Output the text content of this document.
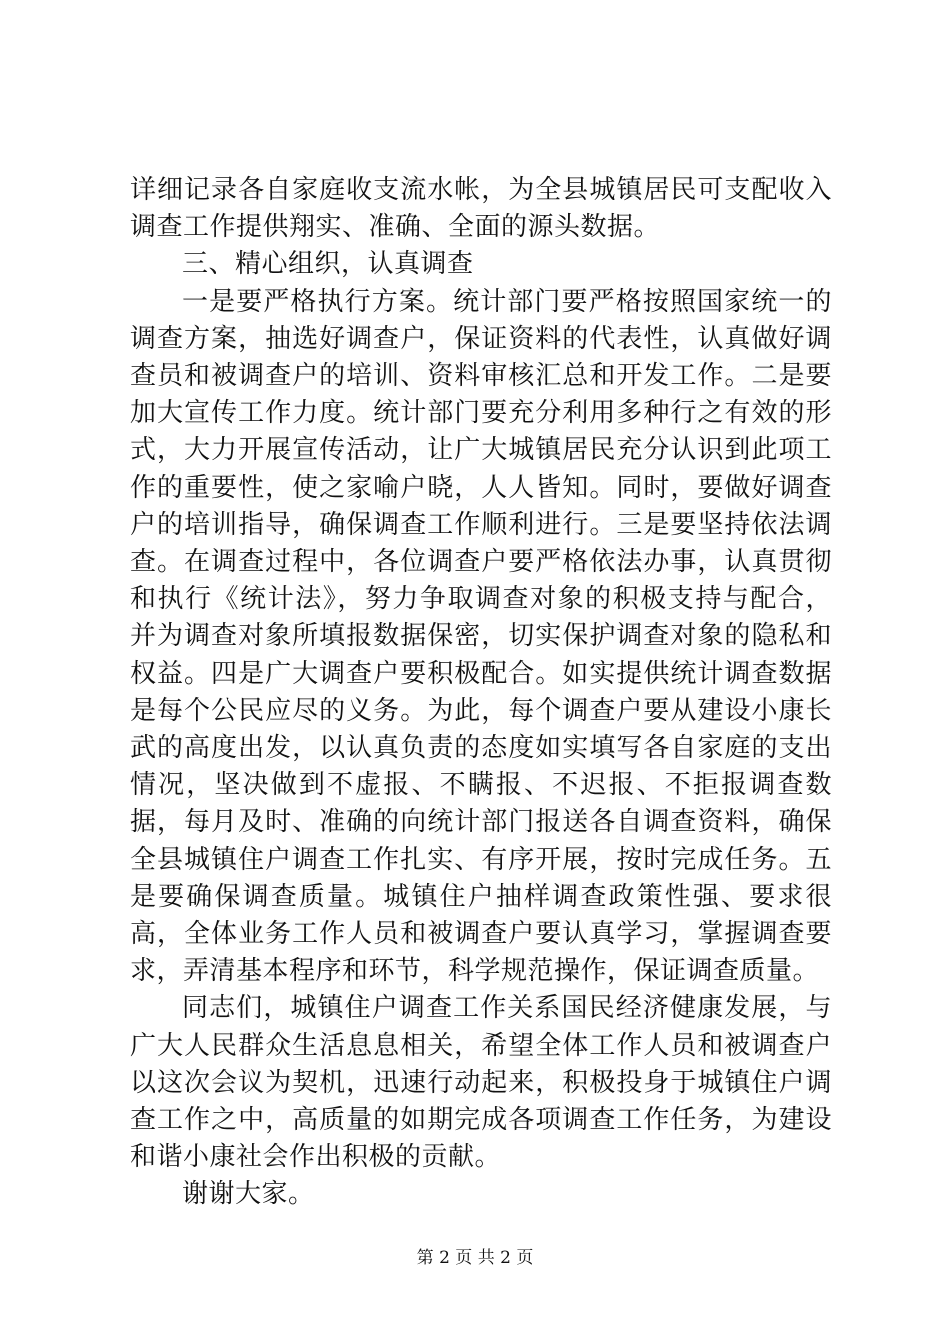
详细记录各自家庭收支流水帐，为全县城镇居民可支配收入调查工作提供翔实、准确、全面的源头数据。

三、精心组织，认真调查

一是要严格执行方案。统计部门要严格按照国家统一的调查方案，抽选好调查户，保证资料的代表性，认真做好调查员和被调查户的培训、资料审核汇总和开发工作。二是要加大宣传工作力度。统计部门要充分利用多种行之有效的形式，大力开展宣传活动，让广大城镇居民充分认识到此项工作的重要性，使之家喻户晓，人人皆知。同时，要做好调查户的培训指导，确保调查工作顺利进行。三是要坚持依法调查。在调查过程中，各位调查户要严格依法办事，认真贯彻和执行《统计法》，努力争取调查对象的积极支持与配合，并为调查对象所填报数据保密，切实保护调查对象的隐私和权益。四是广大调查户要积极配合。如实提供统计调查数据是每个公民应尽的义务。为此，每个调查户要从建设小康长武的高度出发，以认真负责的态度如实填写各自家庭的支出情况，坚决做到不虚报、不瞒报、不迟报、不拒报调查数据，每月及时、准确的向统计部门报送各自调查资料，确保全县城镇住户调查工作扎实、有序开展，按时完成任务。五是要确保调查质量。城镇住户抽样调查政策性强、要求很高，全体业务工作人员和被调查户要认真学习，掌握调查要求，弄清基本程序和环节，科学规范操作，保证调查质量。

同志们，城镇住户调查工作关系国民经济健康发展，与广大人民群众生活息息相关，希望全体工作人员和被调查户以这次会议为契机，迅速行动起来，积极投身于城镇住户调查工作之中，高质量的如期完成各项调查工作任务，为建设和谐小康社会作出积极的贡献。

谢谢大家。

第 2 页 共 2 页
